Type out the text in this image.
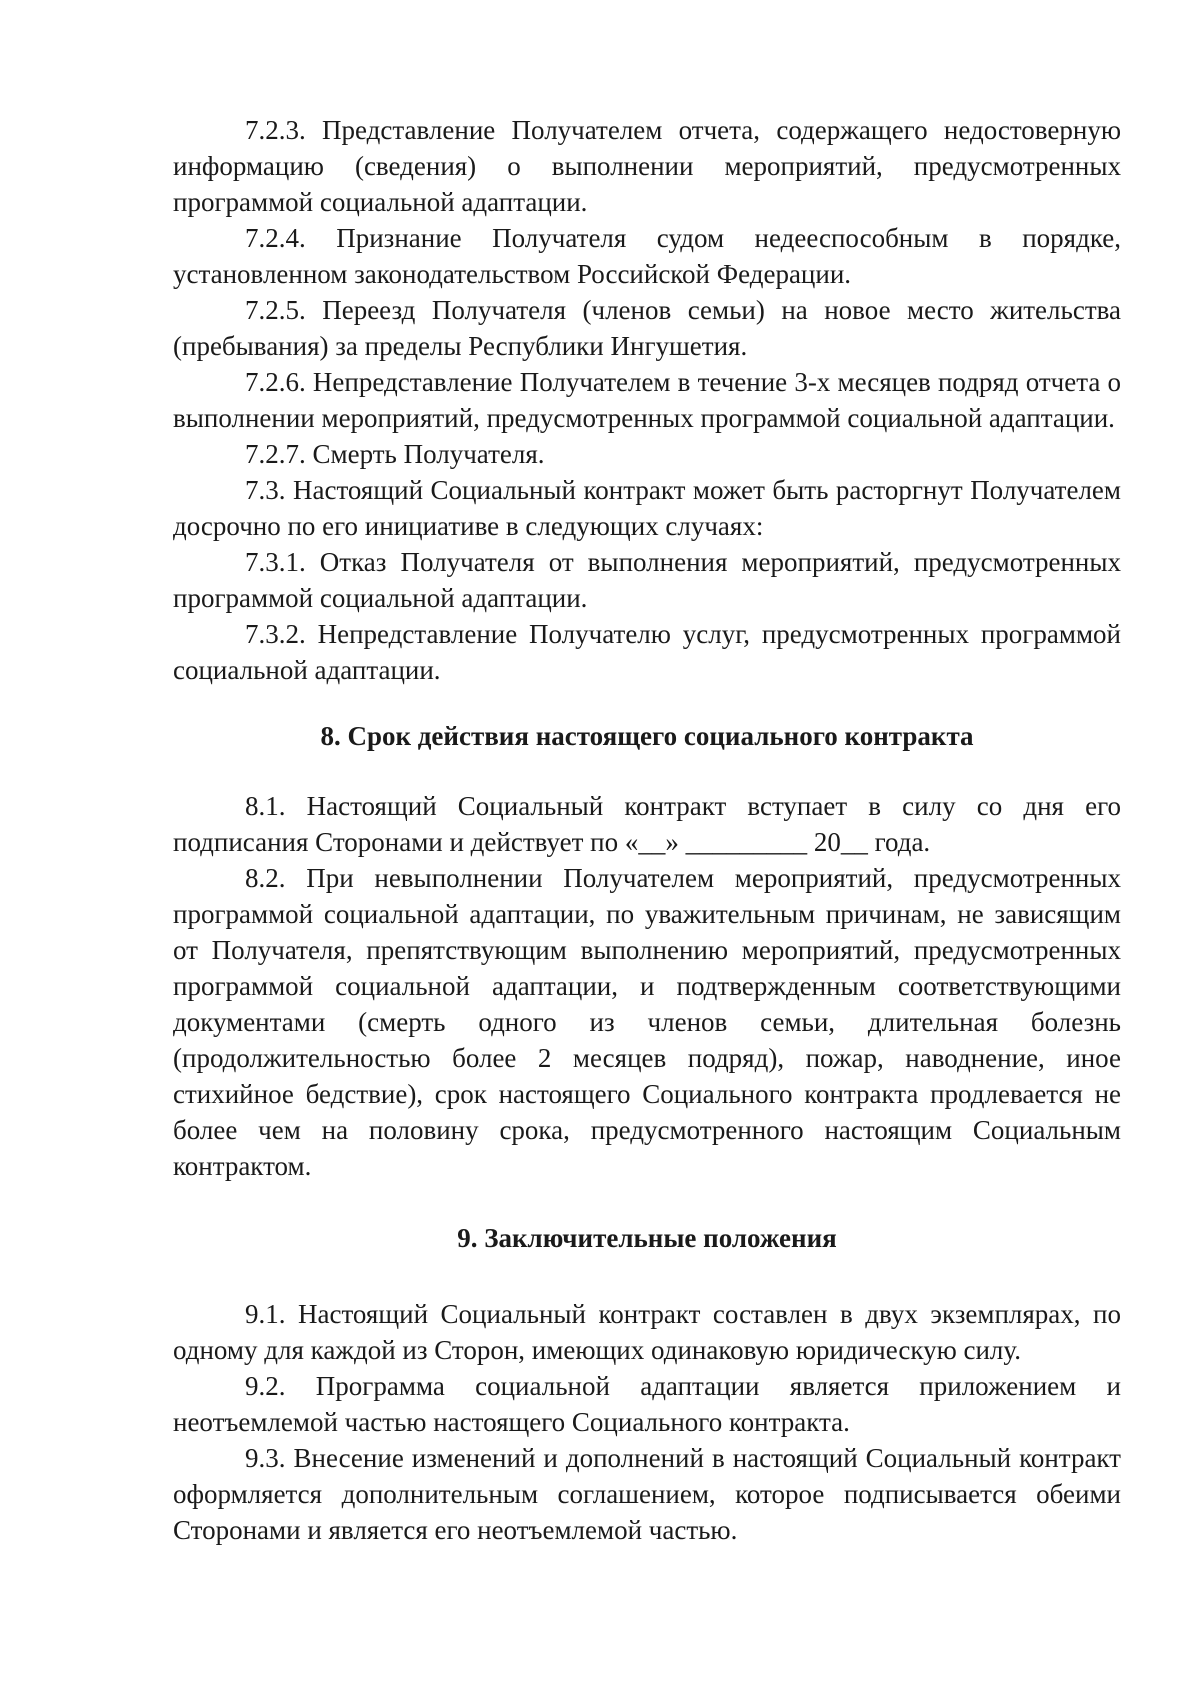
7.2.3. Представление Получателем отчета, содержащего недостоверную информацию (сведения) о выполнении мероприятий, предусмотренных программой социальной адаптации.

7.2.4. Признание Получателя судом недееспособным в порядке, установленном законодательством Российской Федерации.

7.2.5. Переезд Получателя (членов семьи) на новое место жительства (пребывания) за пределы Республики Ингушетия.

7.2.6. Непредставление Получателем в течение 3-х месяцев подряд отчета о выполнении мероприятий, предусмотренных программой социальной адаптации.

7.2.7. Смерть Получателя.

7.3. Настоящий Социальный контракт может быть расторгнут Получателем досрочно по его инициативе в следующих случаях:

7.3.1. Отказ Получателя от выполнения мероприятий, предусмотренных программой социальной адаптации.

7.3.2. Непредставление Получателю услуг, предусмотренных программой социальной адаптации.

8. Срок действия настоящего социального контракта

8.1. Настоящий Социальный контракт вступает в силу со дня его подписания Сторонами и действует по «__» _________ 20__ года.

8.2. При невыполнении Получателем мероприятий, предусмотренных программой социальной адаптации, по уважительным причинам, не зависящим от Получателя, препятствующим выполнению мероприятий, предусмотренных программой социальной адаптации, и подтвержденным соответствующими документами (смерть одного из членов семьи, длительная болезнь (продолжительностью более 2 месяцев подряд), пожар, наводнение, иное стихийное бедствие), срок настоящего Социального контракта продлевается не более чем на половину срока, предусмотренного настоящим Социальным контрактом.

9. Заключительные положения

9.1. Настоящий Социальный контракт составлен в двух экземплярах, по одному для каждой из Сторон, имеющих одинаковую юридическую силу.

9.2. Программа социальной адаптации является приложением и неотъемлемой частью настоящего Социального контракта.

9.3. Внесение изменений и дополнений в настоящий Социальный контракт оформляется дополнительным соглашением, которое подписывается обеими Сторонами и является его неотъемлемой частью.
